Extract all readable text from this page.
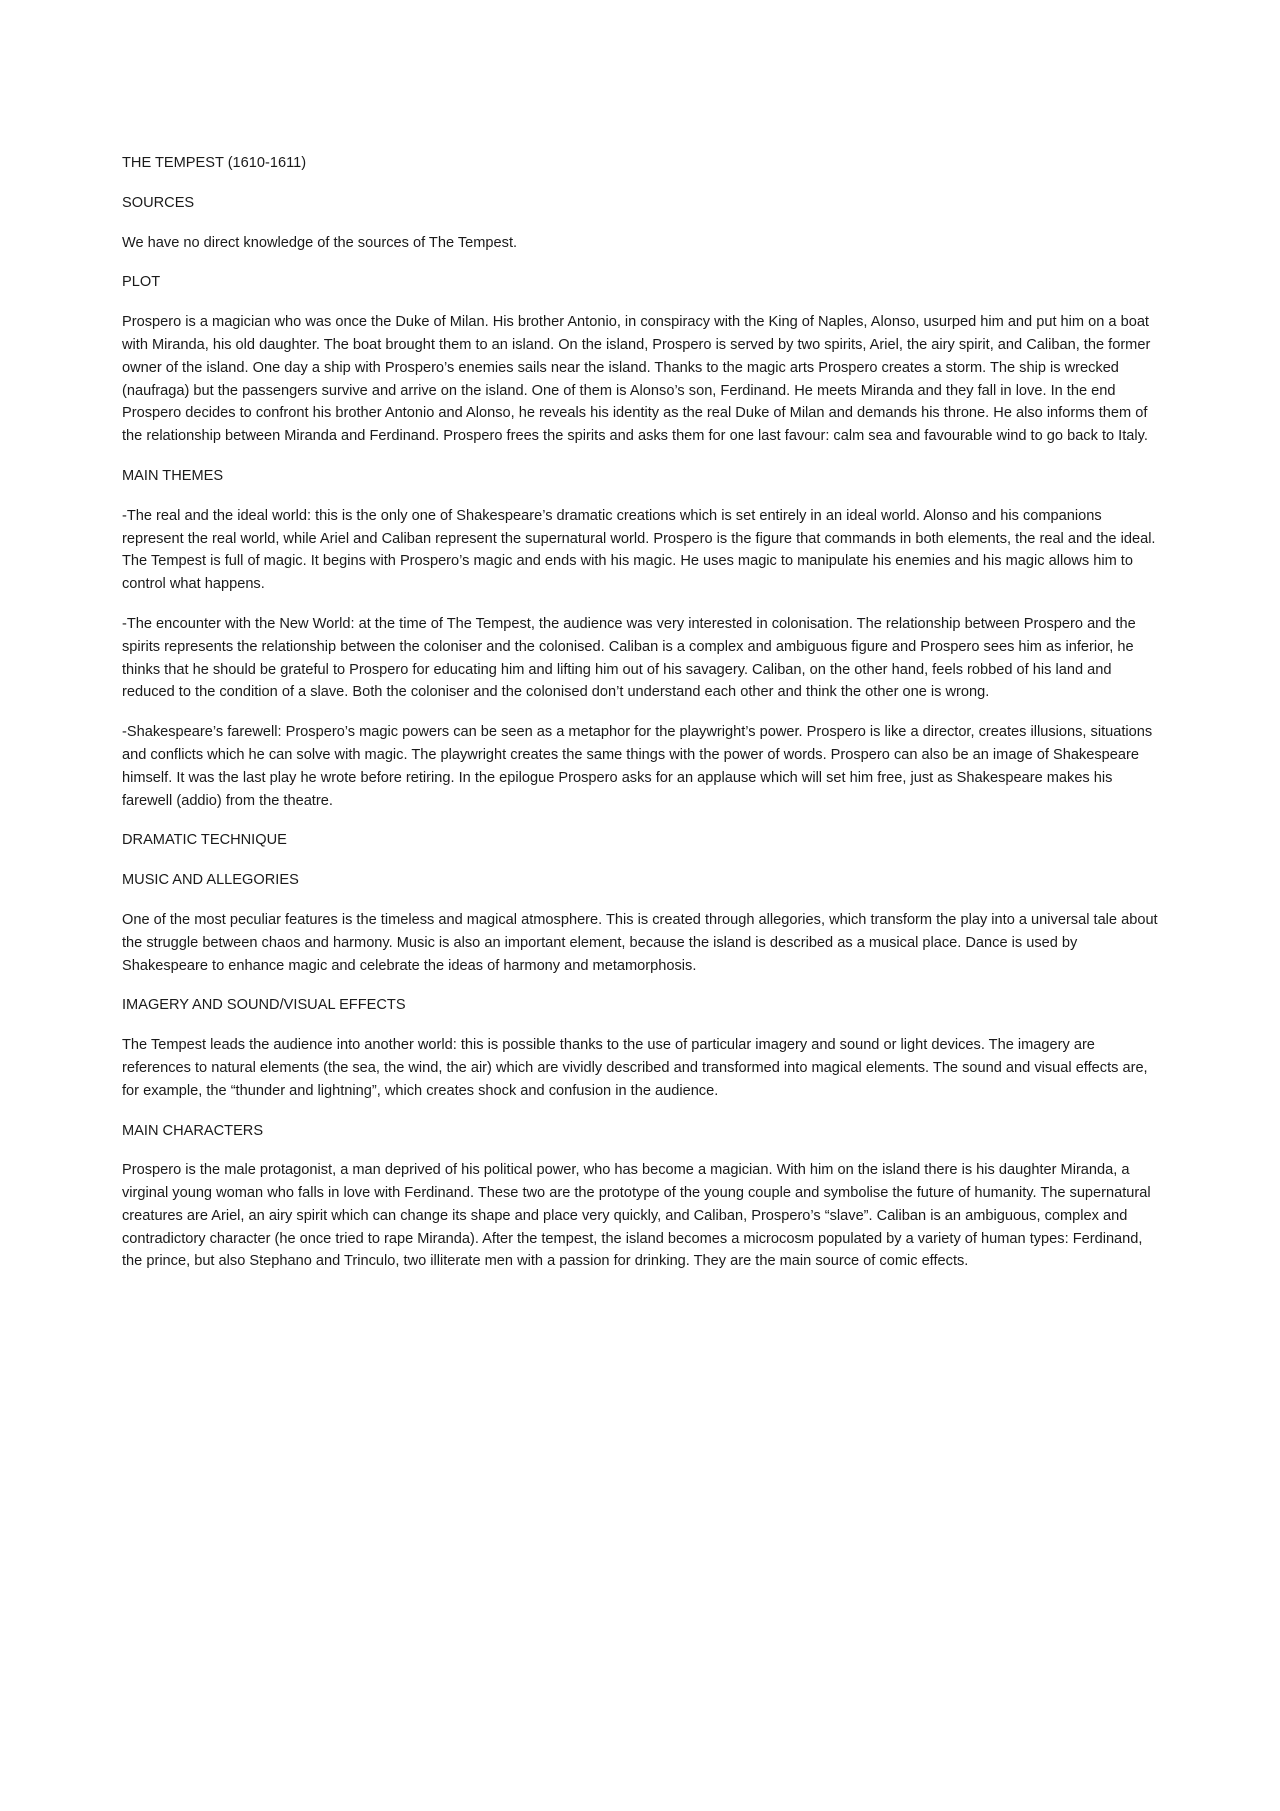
THE TEMPEST (1610-1611)

SOURCES

We have no direct knowledge of the sources of The Tempest.

PLOT

Prospero is a magician who was once the Duke of Milan. His brother Antonio, in conspiracy with the King of Naples, Alonso, usurped him and put him on a boat with Miranda, his old daughter. The boat brought them to an island. On the island, Prospero is served by two spirits, Ariel, the airy spirit, and Caliban, the former owner of the island. One day a ship with Prospero’s enemies sails near the island. Thanks to the magic arts Prospero creates a storm. The ship is wrecked (naufraga) but the passengers survive and arrive on the island. One of them is Alonso’s son, Ferdinand. He meets Miranda and they fall in love. In the end Prospero decides to confront his brother Antonio and Alonso, he reveals his identity as the real Duke of Milan and demands his throne. He also informs them of the relationship between Miranda and Ferdinand. Prospero frees the spirits and asks them for one last favour: calm sea and favourable wind to go back to Italy.

MAIN THEMES

-The real and the ideal world: this is the only one of Shakespeare’s dramatic creations which is set entirely in an ideal world. Alonso and his companions represent the real world, while Ariel and Caliban represent the supernatural world. Prospero is the figure that commands in both elements, the real and the ideal. The Tempest is full of magic. It begins with Prospero’s magic and ends with his magic. He uses magic to manipulate his enemies and his magic allows him to control what happens.

-The encounter with the New World: at the time of The Tempest, the audience was very interested in colonisation. The relationship between Prospero and the spirits represents the relationship between the coloniser and the colonised. Caliban is a complex and ambiguous figure and Prospero sees him as inferior, he thinks that he should be grateful to Prospero for educating him and lifting him out of his savagery. Caliban, on the other hand, feels robbed of his land and reduced to the condition of a slave. Both the coloniser and the colonised don’t understand each other and think the other one is wrong.

-Shakespeare’s farewell: Prospero’s magic powers can be seen as a metaphor for the playwright’s power. Prospero is like a director, creates illusions, situations and conflicts which he can solve with magic. The playwright creates the same things with the power of words. Prospero can also be an image of Shakespeare himself. It was the last play he wrote before retiring. In the epilogue Prospero asks for an applause which will set him free, just as Shakespeare makes his farewell (addio) from the theatre.

DRAMATIC TECHNIQUE

MUSIC AND ALLEGORIES

One of the most peculiar features is the timeless and magical atmosphere. This is created through allegories, which transform the play into a universal tale about the struggle between chaos and harmony. Music is also an important element, because the island is described as a musical place. Dance is used by Shakespeare to enhance magic and celebrate the ideas of harmony and metamorphosis.

IMAGERY AND SOUND/VISUAL EFFECTS

The Tempest leads the audience into another world: this is possible thanks to the use of particular imagery and sound or light devices. The imagery are references to natural elements (the sea, the wind, the air) which are vividly described and transformed into magical elements. The sound and visual effects are, for example, the “thunder and lightning”, which creates shock and confusion in the audience.

MAIN CHARACTERS

Prospero is the male protagonist, a man deprived of his political power, who has become a magician. With him on the island there is his daughter Miranda, a virginal young woman who falls in love with Ferdinand. These two are the prototype of the young couple and symbolise the future of humanity. The supernatural creatures are Ariel, an airy spirit which can change its shape and place very quickly, and Caliban, Prospero’s “slave”. Caliban is an ambiguous, complex and contradictory character (he once tried to rape Miranda). After the tempest, the island becomes a microcosm populated by a variety of human types: Ferdinand, the prince, but also Stephano and Trinculo, two illiterate men with a passion for drinking. They are the main source of comic effects.
